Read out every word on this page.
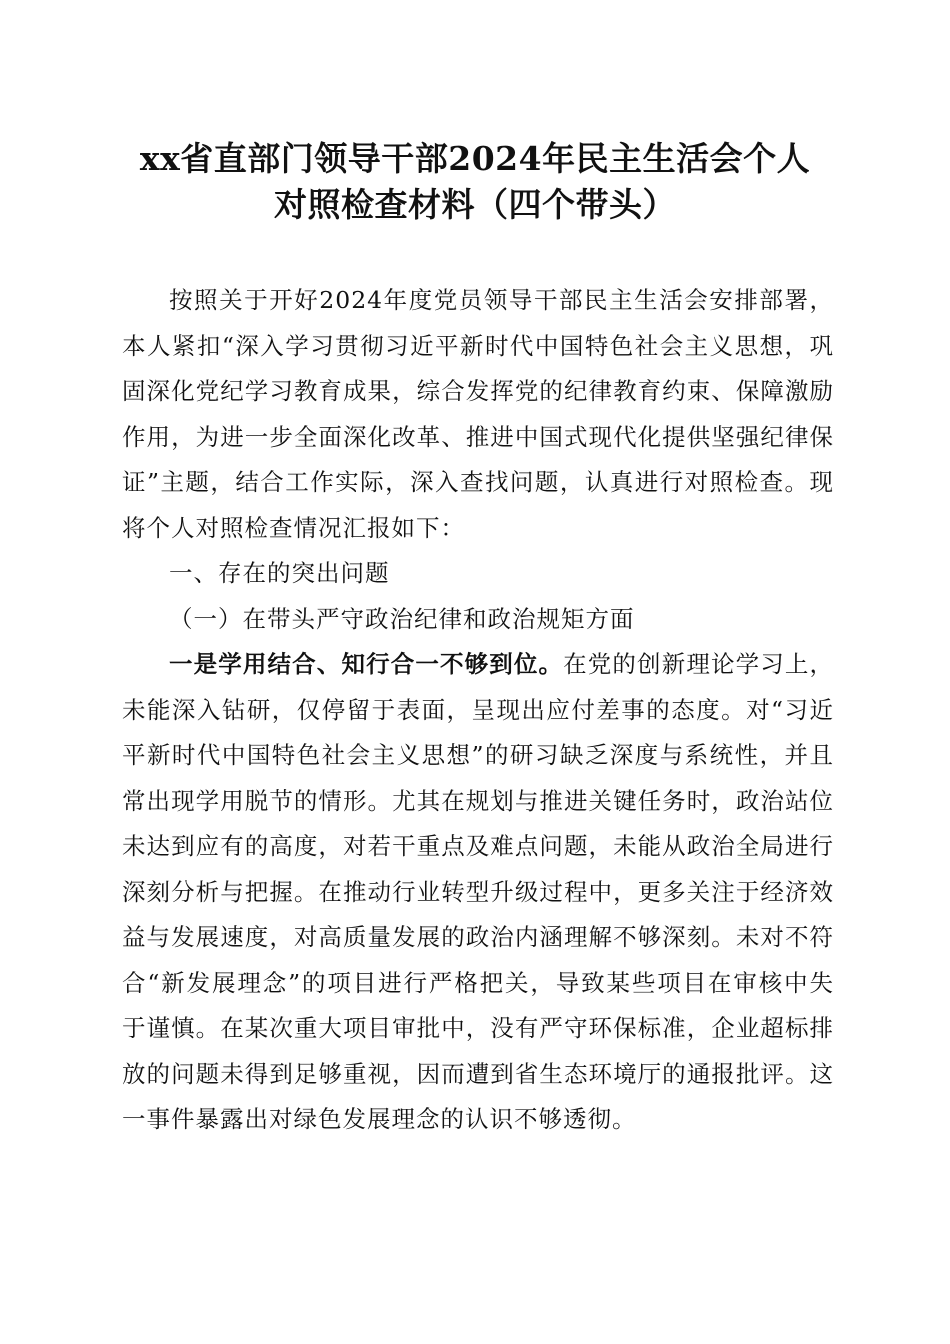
xx省直部门领导干部2024年民主生活会个人
对照检查材料（四个带头）

按照关于开好2024年度党员领导干部民主生活会安排部署，本人紧扣“深入学习贯彻习近平新时代中国特色社会主义思想，巩固深化党纪学习教育成果，综合发挥党的纪律教育约束、保障激励作用，为进一步全面深化改革、推进中国式现代化提供坚强纪律保证”主题，结合工作实际，深入查找问题，认真进行对照检查。现将个人对照检查情况汇报如下：

一、存在的突出问题

（一）在带头严守政治纪律和政治规矩方面

一是学用结合、知行合一不够到位。在党的创新理论学习上，未能深入钻研，仅停留于表面，呈现出应付差事的态度。对“习近平新时代中国特色社会主义思想”的研习缺乏深度与系统性，并且常出现学用脱节的情形。尤其在规划与推进关键任务时，政治站位未达到应有的高度，对若干重点及难点问题，未能从政治全局进行深刻分析与把握。在推动行业转型升级过程中，更多关注于经济效益与发展速度，对高质量发展的政治内涵理解不够深刻。未对不符合“新发展理念”的项目进行严格把关，导致某些项目在审核中失于谨慎。在某次重大项目审批中，没有严守环保标准，企业超标排放的问题未得到足够重视，因而遭到省生态环境厅的通报批评。这一事件暴露出对绿色发展理念的认识不够透彻。
